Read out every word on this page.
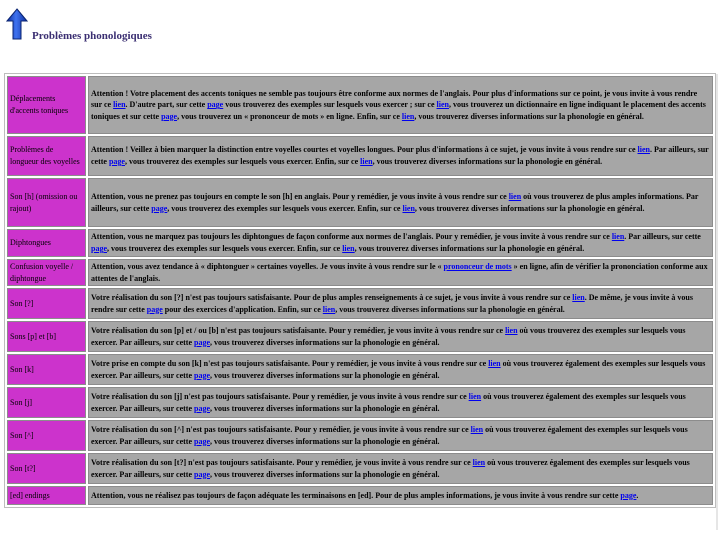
Problèmes phonologiques
Déplacements d'accents toniques	Attention ! Votre placement des accents toniques ne semble pas toujours être conforme aux normes de l'anglais. Pour plus d'informations sur ce point, je vous invite à vous rendre sur ce lien. D'autre part, sur cette page vous trouverez des exemples sur lesquels vous exercer ; sur ce lien, vous trouverez un dictionnaire en ligne indiquant le placement des accents toniques et sur cette page, vous trouverez un « prononceur de mots » en ligne. Enfin, sur ce lien, vous trouverez diverses informations sur la phonologie en général.
Problèmes de longueur des voyelles	Attention ! Veillez à bien marquer la distinction entre voyelles courtes et voyelles longues. Pour plus d'informations à ce sujet, je vous invite à vous rendre sur ce lien. Par ailleurs, sur cette page, vous trouverez des exemples sur lesquels vous exercer. Enfin, sur ce lien, vous trouverez diverses informations sur la phonologie en général.
Son [h] (omission ou rajout)	Attention, vous ne prenez pas toujours en compte le son [h] en anglais. Pour y remédier, je vous invite à vous rendre sur ce lien où vous trouverez de plus amples informations. Par ailleurs, sur cette page, vous trouverez des exemples sur lesquels vous exercer. Enfin, sur ce lien, vous trouverez diverses informations sur la phonologie en général.
Diphtongues	Attention, vous ne marquez pas toujours les diphtongues de façon conforme aux normes de l'anglais. Pour y remédier, je vous invite à vous rendre sur ce lien. Par ailleurs, sur cette page, vous trouverez des exemples sur lesquels vous exercer. Enfin, sur ce lien, vous trouverez diverses informations sur la phonologie en général.
Confusion voyelle / diphtongue	Attention, vous avez tendance à « diphtonguer » certaines voyelles. Je vous invite à vous rendre sur le « prononceur de mots » en ligne, afin de vérifier la prononciation conforme aux attentes de l'anglais.
Son [?]	Votre réalisation du son [?] n'est pas toujours satisfaisante. Pour de plus amples renseignements à ce sujet, je vous invite à vous rendre sur ce lien. De même, je vous invite à vous rendre sur cette page pour des exercices d'application. Enfin, sur ce lien, vous trouverez diverses informations sur la phonologie en général.
Sons [p] et [b]	Votre réalisation du son [p] et / ou [b] n'est pas toujours satisfaisante. Pour y remédier, je vous invite à vous rendre sur ce lien où vous trouverez des exemples sur lesquels vous exercer. Par ailleurs, sur cette page, vous trouverez diverses informations sur la phonologie en général.
Son [k]	Votre prise en compte du son [k] n'est pas toujours satisfaisante. Pour y remédier, je vous invite à vous rendre sur ce lien où vous trouverez également des exemples sur lesquels vous exercer. Par ailleurs, sur cette page, vous trouverez diverses informations sur la phonologie en général.
Son [j]	Votre réalisation du son [j] n'est pas toujours satisfaisante. Pour y remédier, je vous invite à vous rendre sur ce lien où vous trouverez également des exemples sur lesquels vous exercer. Par ailleurs, sur cette page, vous trouverez diverses informations sur la phonologie en général.
Son [^]	Votre réalisation du son [^] n'est pas toujours satisfaisante. Pour y remédier, je vous invite à vous rendre sur ce lien où vous trouverez également des exemples sur lesquels vous exercer. Par ailleurs, sur cette page, vous trouverez diverses informations sur la phonologie en général.
Son [t?]	Votre réalisation du son [t?] n'est pas toujours satisfaisante. Pour y remédier, je vous invite à vous rendre sur ce lien où vous trouverez également des exemples sur lesquels vous exercer. Par ailleurs, sur cette page, vous trouverez diverses informations sur la phonologie en général.
[ed] endings	Attention, vous ne réalisez pas toujours de façon adéquate les terminaisons en [ed]. Pour de plus amples informations, je vous invite à vous rendre sur cette page.
